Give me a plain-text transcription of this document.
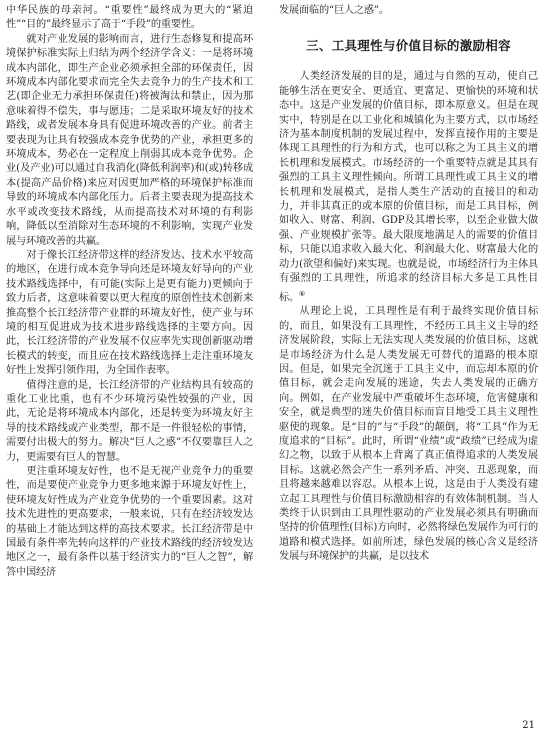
中华民族的母亲河。“重要性”最终成为更大的“紧迫性”“目的”最终显示了高于“手段”的重要性。

就对产业发展的影响而言，进行生态修复和提高环境保护标准实际上归结为两个经济学含义：一是将环境成本内部化，即生产企业必须承担全部的环保责任，因环境成本内部化要求而完全失去竞争力的生产技术和工艺(即企业无力承担环保责任)将被淘汰和禁止，因为那意味着得不偿失，事与愿违；二是采取环境友好的技术路线，或者发展本身具有促进环境改善的产业。前者主要表现为让具有较强成本竞争优势的产业，承担更多的环境成本，势必在一定程度上削弱其成本竞争优势。企业(及产业)可以通过自我消化(降低利润率)和(或)转移成本(提高产品价格)来应对因更加严格的环境保护标准而导致的环境成本内部化压力。后者主要表现为提高技术水平或改变技术路线，从而提高技术对环境的有利影响，降低以至消除对生态环境的不利影响，实现产业发展与环境改善的共赢。

对于像长江经济带这样的经济发达、技术水平较高的地区，在进行成本竞争导向还是环境友好导向的产业技术路线选择中，有可能(实际上是更有能力)更倾向于致力后者，这意味着要以更大程度的原创性技术创新来推高整个长江经济带产业群的环境友好性，使产业与环境的相互促进成为技术进步路线选择的主要方向。因此，长江经济带的产业发展不仅应率先实现创新驱动增长模式的转变，而且应在技术路线选择上走注重环境友好性上发挥引领作用，为全国作表率。

值得注意的是，长江经济带的产业结构具有较高的重化工业比重，也有不少环境污染性较强的产业，因此，无论是将环境成本内部化，还是转变为环境友好主导的技术路线或产业类型，都不是一件很轻松的事情，需要付出极大的努力。解决“巨人之惑”不仅要靠巨人之力，更需要有巨人的智慧。

更注重环境友好性，也不是无视产业竞争力的重要性，而是要使产业竞争力更多地来源于环境友好性上，使环境友好性成为产业竞争优势的一个重要因素。这对技术先进性的更高要求，一般来说，只有在经济较发达的基础上才能达到这样的高技术要求。长江经济带是中国最有条件率先转向这样的产业技术路线的经济较发达地区之一，最有条件以基于经济实力的“巨人之智”，解答中国经济

发展面临的“巨人之惑”。

三、工具理性与价值目标的激励相容

人类经济发展的目的是，通过与自然的互动，使自己能够生活在更安全、更适宜、更富足、更愉快的环境和状态中。这是产业发展的价值目标，即本原意义。但是在现实中，特别是在以工业化和城镇化为主要方式，以市场经济为基本制度机制的发展过程中，发挥直接作用的主要是体现工具理性的行为和方式，也可以称之为工具主义的增长机理和发展模式。市场经济的一个重要特点就是其具有强烈的工具主义理性倾向。所谓工具理性或工具主义的增长机理和发展模式，是指人类生产活动的直接目的和动力，并非其真正的或本原的价值目标，而是工具目标，例如收入、财富、利润、GDP及其增长率，以至企业做大做强、产业规模扩张等。最大限度地满足人的需要的价值目标，只能以追求收入最大化、利润最大化、财富最大化的动力(欲望和偏好)来实现。也就是说，市场经济行为主体具有强烈的工具理性，所追求的经济目标大多是工具性目标。⑥

从理论上说，工具理性是有利于最终实现价值目标的，而且，如果没有工具理性，不经历工具主义主导的经济发展阶段，实际上无法实现人类发展的价值目标，这就是市场经济为什么是人类发展无可替代的道路的根本原因。但是，如果完全沉迷于工具主义中，而忘却本原的价值目标，就会走向发展的迷途，失去人类发展的正确方向。例如，在产业发展中严重破坏生态环境，危害健康和安全，就是典型的迷失价值目标而盲目地受工具主义理性驱使的现象。是“目的”与“手段”的颠倒，将“工具”作为无度追求的“目标”。此时，所谓“业绩”或“政绩”已经成为虚幻之物，以致于从根本上背离了真正值得追求的人类发展目标。这就必然会产生一系列矛盾、冲突、丑恶现象，而且将越来越难以容忍。从根本上说，这是由于人类没有建立起工具理性与价值目标激励相容的有效体制机制。当人类终于认识到由工具理性驱动的产业发展必须具有明确而坚持的价值理性(目标)方向时，必然将绿色发展作为可行的道路和模式选择。如前所述，绿色发展的核心含义是经济发展与环境保护的共赢，是以技术

21
